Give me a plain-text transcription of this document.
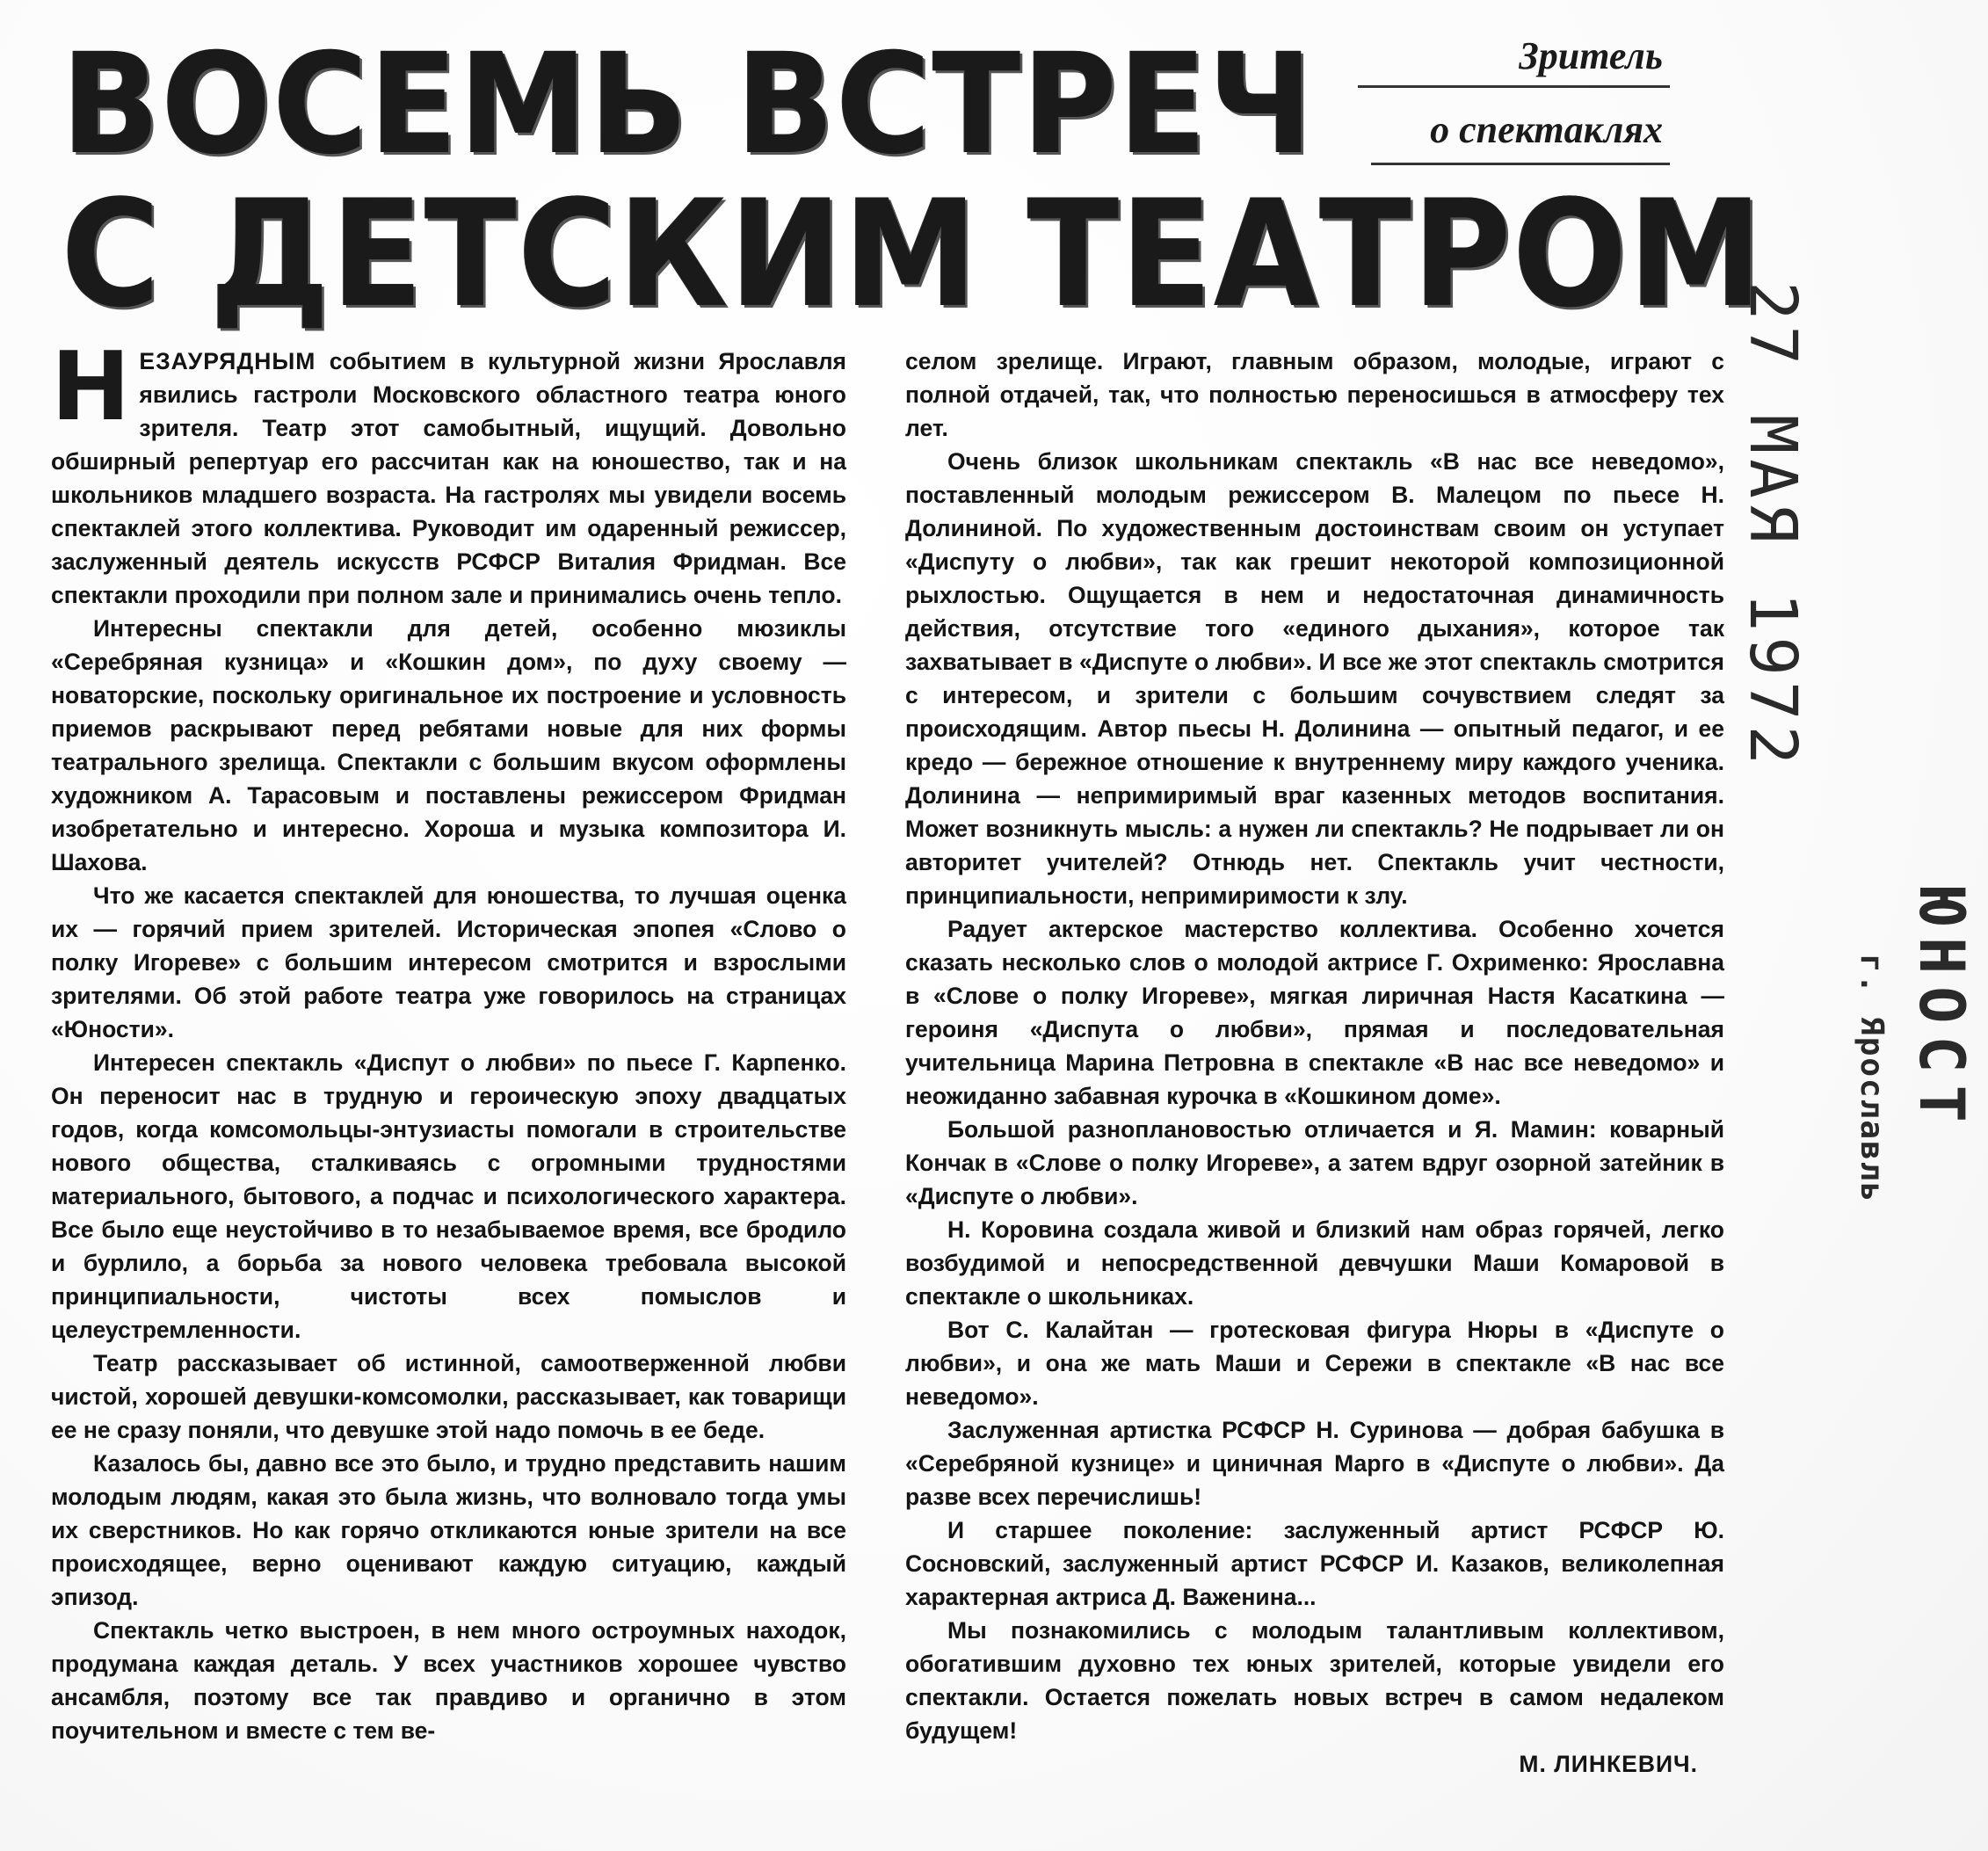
ВОСЕМЬ ВСТРЕЧ
С ДЕТСКИМ ТЕАТРОМ
Зритель
о спектаклях

НЕЗАУРЯДНЫМ событием в культурной жизни Ярославля явились гастроли Московского областного театра юного зрителя. Театр этот самобытный, ищущий. Довольно обширный репертуар его рассчитан как на юношество, так и на школьников младшего возраста. На гастролях мы увидели восемь спектаклей этого коллектива. Руководит им одаренный режиссер, заслуженный деятель искусств РСФСР Виталия Фридман. Все спектакли проходили при полном зале и принимались очень тепло.

Интересны спектакли для детей, особенно мюзиклы «Серебряная кузница» и «Кошкин дом», по духу своему — новаторские, поскольку оригинальное их построение и условность приемов раскрывают перед ребятами новые для них формы театрального зрелища. Спектакли с большим вкусом оформлены художником А. Тарасовым и поставлены режиссером Фридман изобретательно и интересно. Хороша и музыка композитора И. Шахова.

Что же касается спектаклей для юношества, то лучшая оценка их — горячий прием зрителей. Историческая эпопея «Слово о полку Игореве» с большим интересом смотрится и взрослыми зрителями. Об этой работе театра уже говорилось на страницах «Юности».

Интересен спектакль «Диспут о любви» по пьесе Г. Карпенко. Он переносит нас в трудную и героическую эпоху двадцатых годов, когда комсомольцы-энтузиасты помогали в строительстве нового общества, сталкиваясь с огромными трудностями материального, бытового, а подчас и психологического характера. Все было еще неустойчиво в то незабываемое время, все бродило и бурлило, а борьба за нового человека требовала высокой принципиальности, чистоты всех помыслов и целеустремленности.

Театр рассказывает об истинной, самоотверженной любви чистой, хорошей девушки-комсомолки, рассказывает, как товарищи ее не сразу поняли, что девушке этой надо помочь в ее беде.

Казалось бы, давно все это было, и трудно представить нашим молодым людям, какая это была жизнь, что волновало тогда умы их сверстников. Но как горячо откликаются юные зрители на все происходящее, верно оценивают каждую ситуацию, каждый эпизод.

Спектакль четко выстроен, в нем много остроумных находок, продумана каждая деталь. У всех участников хорошее чувство ансамбля, поэтому все так правдиво и органично в этом поучительном и вместе с тем ве-

селом зрелище. Играют, главным образом, молодые, играют с полной отдачей, так, что полностью переносишься в атмосферу тех лет.

Очень близок школьникам спектакль «В нас все неведомо», поставленный молодым режиссером В. Малецом по пьесе Н. Долининой. По художественным достоинствам своим он уступает «Диспуту о любви», так как грешит некоторой композиционной рыхлостью. Ощущается в нем и недостаточная динамичность действия, отсутствие того «единого дыхания», которое так захватывает в «Диспуте о любви». И все же этот спектакль смотрится с интересом, и зрители с большим сочувствием следят за происходящим. Автор пьесы Н. Долинина — опытный педагог, и ее кредо — бережное отношение к внутреннему миру каждого ученика. Долинина — непримиримый враг казенных методов воспитания. Может возникнуть мысль: а нужен ли спектакль? Не подрывает ли он авторитет учителей? Отнюдь нет. Спектакль учит честности, принципиальности, непримиримости к злу.

Радует актерское мастерство коллектива. Особенно хочется сказать несколько слов о молодой актрисе Г. Охрименко: Ярославна в «Слове о полку Игореве», мягкая лиричная Настя Касаткина — героиня «Диспута о любви», прямая и последовательная учительница Марина Петровна в спектакле «В нас все неведомо» и неожиданно забавная курочка в «Кошкином доме».

Большой разноплановостью отличается и Я. Мамин: коварный Кончак в «Слове о полку Игореве», а затем вдруг озорной затейник в «Диспуте о любви».

Н. Коровина создала живой и близкий нам образ горячей, легко возбудимой и непосредственной девчушки Маши Комаровой в спектакле о школьниках.

Вот С. Калайтан — гротесковая фигура Нюры в «Диспуте о любви», и она же мать Маши и Сережи в спектакле «В нас все неведомо».

Заслуженная артистка РСФСР Н. Суринова — добрая бабушка в «Серебряной кузнице» и циничная Марго в «Диспуте о любви». Да разве всех перечислишь!

И старшее поколение: заслуженный артист РСФСР Ю. Сосновский, заслуженный артист РСФСР И. Казаков, великолепная характерная актриса Д. Важенина...

Мы познакомились с молодым талантливым коллективом, обогатившим духовно тех юных зрителей, которые увидели его спектакли. Остается пожелать новых встреч в самом недалеком будущем!

М. ЛИНКЕВИЧ.

27 МАЯ 1972
ЮНОСТ
г. Ярославль
